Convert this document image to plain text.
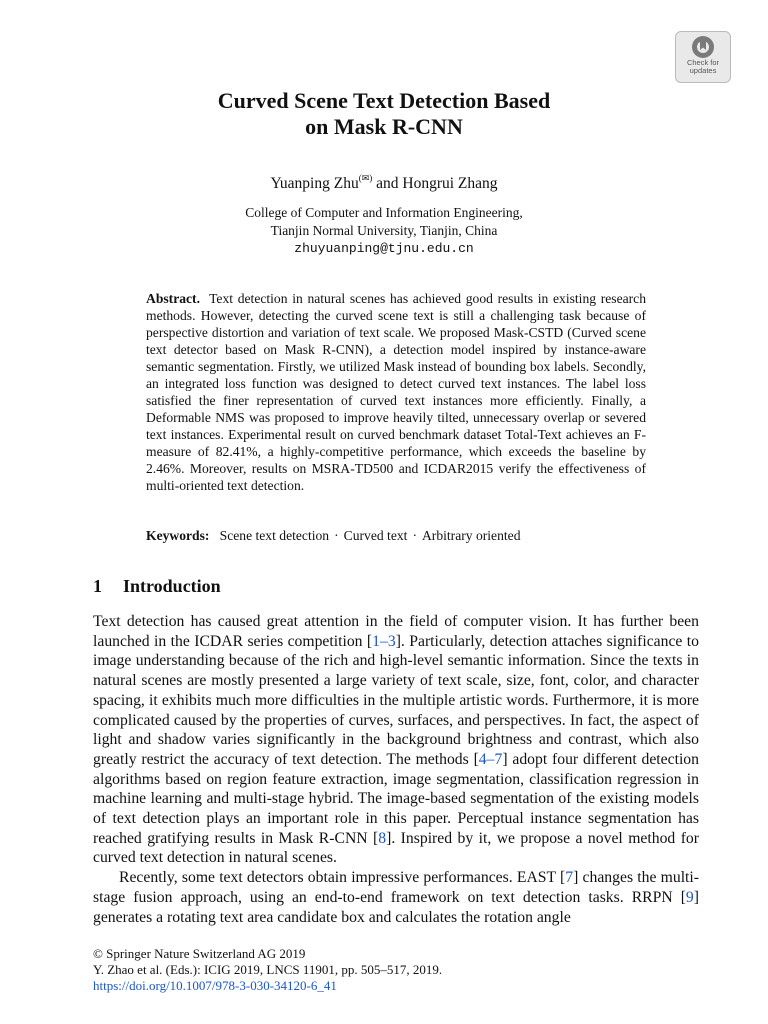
Check for
updates
Curved Scene Text Detection Based
on Mask R-CNN
Yuanping Zhu(✉) and Hongrui Zhang
College of Computer and Information Engineering,
Tianjin Normal University, Tianjin, China
zhuyuanping@tjnu.edu.cn
Abstract. Text detection in natural scenes has achieved good results in existing research methods. However, detecting the curved scene text is still a challenging task because of perspective distortion and variation of text scale. We proposed Mask-CSTD (Curved scene text detector based on Mask R-CNN), a detection model inspired by instance-aware semantic segmentation. Firstly, we utilized Mask instead of bounding box labels. Secondly, an integrated loss function was designed to detect curved text instances. The label loss satisfied the finer representation of curved text instances more efficiently. Finally, a Deformable NMS was proposed to improve heavily tilted, unnecessary overlap or severed text instances. Experimental result on curved benchmark dataset Total-Text achieves an F-measure of 82.41%, a highly-competitive performance, which exceeds the baseline by 2.46%. Moreover, results on MSRA-TD500 and ICDAR2015 verify the effectiveness of multi-oriented text detection.
Keywords: Scene text detection · Curved text · Arbitrary oriented
1 Introduction

Text detection has caused great attention in the field of computer vision. It has further been launched in the ICDAR series competition [1–3]. Particularly, detection attaches significance to image understanding because of the rich and high-level semantic information. Since the texts in natural scenes are mostly presented a large variety of text scale, size, font, color, and character spacing, it exhibits much more difficulties in the multiple artistic words. Furthermore, it is more complicated caused by the properties of curves, surfaces, and perspectives. In fact, the aspect of light and shadow varies significantly in the background brightness and contrast, which also greatly restrict the accuracy of text detection. The methods [4–7] adopt four different detection algorithms based on region feature extraction, image segmentation, classification regression in machine learning and multi-stage hybrid. The image-based segmentation of the existing models of text detection plays an important role in this paper. Perceptual instance segmentation has reached gratifying results in Mask R-CNN [8]. Inspired by it, we propose a novel method for curved text detection in natural scenes.

Recently, some text detectors obtain impressive performances. EAST [7] changes the multi-stage fusion approach, using an end-to-end framework on text detection tasks. RRPN [9] generates a rotating text area candidate box and calculates the rotation angle

© Springer Nature Switzerland AG 2019
Y. Zhao et al. (Eds.): ICIG 2019, LNCS 11901, pp. 505–517, 2019.
https://doi.org/10.1007/978-3-030-34120-6_41
